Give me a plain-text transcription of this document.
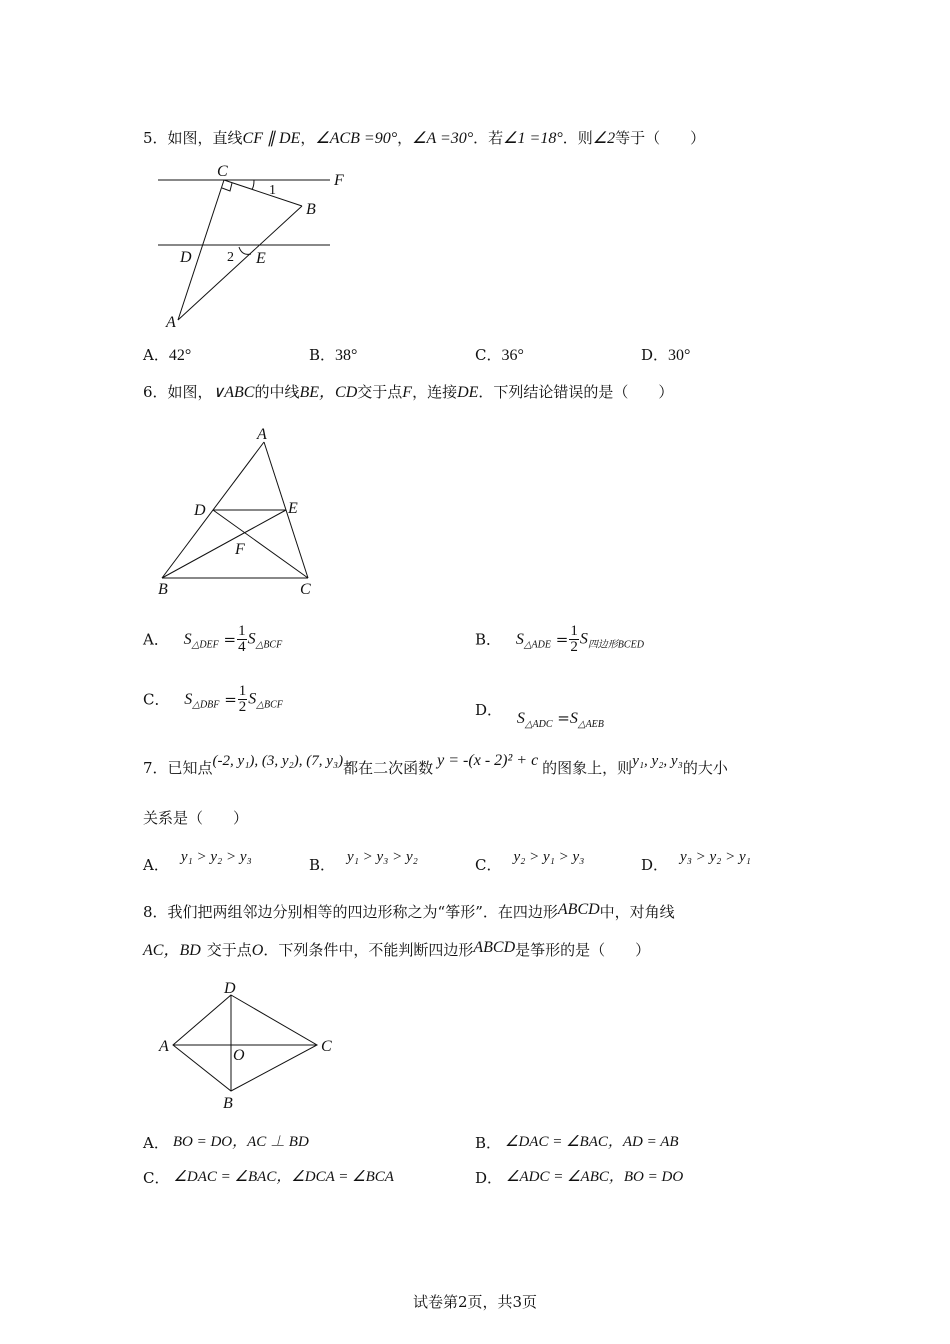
5．如图，直线CF ∥ DE，∠ACB =90°，∠A =30°．若∠1 =18°．则∠2等于（　　）
C
F
1
B
D	2 E
A
A．42°	B．38°	C．36°	D．30°
6．如图，∨ABC的中线BE，CD交于点F，连接DE．下列结论错误的是（　　）
A
D	E
F
B	C
A． $S_{\triangle DEF} = \frac{1}{4} S_{\triangle BCF}$	B． $S_{\triangle ADE} = \frac{1}{2} S_{四边形BCED}$
C． $S_{\triangle DBF} = \frac{1}{2} S_{\triangle BCF}$	D． $S_{\triangle ADC} =S_{\triangle AEB}$
7．已知点(-2, y₁), (3, y₂), (7, y₃)都在二次函数 y = -(x - 2)² + c 的图象上，则y₁, y₂, y₃的大小
关系是（　　）
A． y₁ > y₂ > y₃	B． y₁ > y₃ > y₂	C． y₂ > y₁ > y₃	D． y₃ > y₂ > y₁
8．我们把两组邻边分别相等的四边形称之为“筝形”．在四边形ABCD中，对角线
AC，BD 交于点O．下列条件中，不能判断四边形ABCD是筝形的是（　　）
D
A
O
C
B
A． BO = DO，AC ⊥ BD	B． ∠DAC = ∠BAC，AD = AB
C． ∠DAC = ∠BAC，∠DCA = ∠BCA	D． ∠ADC = ∠ABC，BO = DO
试卷第2页，共3页
